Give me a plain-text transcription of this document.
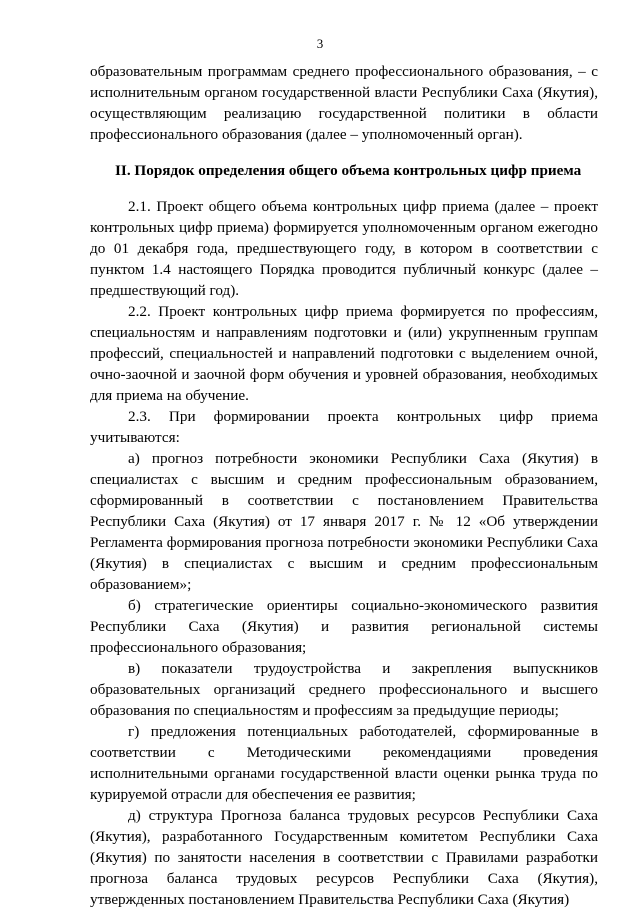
3

образовательным программам среднего профессионального образования, – с исполнительным органом государственной власти Республики Саха (Якутия), осуществляющим реализацию государственной политики в области профессионального образования (далее – уполномоченный орган).

II. Порядок определения общего объема контрольных цифр приема

2.1. Проект общего объема контрольных цифр приема (далее – проект контрольных цифр приема) формируется уполномоченным органом ежегодно до 01 декабря года, предшествующего году, в котором в соответствии с пунктом 1.4 настоящего Порядка проводится публичный конкурс (далее – предшествующий год).

2.2. Проект контрольных цифр приема формируется по профессиям, специальностям и направлениям подготовки и (или) укрупненным группам профессий, специальностей и направлений подготовки с выделением очной, очно-заочной и заочной форм обучения и уровней образования, необходимых для приема на обучение.

2.3. При формировании проекта контрольных цифр приема учитываются:

а) прогноз потребности экономики Республики Саха (Якутия) в специалистах с высшим и средним профессиональным образованием, сформированный в соответствии с постановлением Правительства Республики Саха (Якутия) от 17 января 2017 г. № 12 «Об утверждении Регламента формирования прогноза потребности экономики Республики Саха (Якутия) в специалистах с высшим и средним профессиональным образованием»;

б) стратегические ориентиры социально-экономического развития Республики Саха (Якутия) и развития региональной системы профессионального образования;

в) показатели трудоустройства и закрепления выпускников образовательных организаций среднего профессионального и высшего образования по специальностям и профессиям за предыдущие периоды;

г) предложения потенциальных работодателей, сформированные в соответствии с Методическими рекомендациями проведения исполнительными органами государственной власти оценки рынка труда по курируемой отрасли для обеспечения ее развития;

д) структура Прогноза баланса трудовых ресурсов Республики Саха (Якутия), разработанного Государственным комитетом Республики Саха (Якутия) по занятости населения в соответствии с Правилами разработки прогноза баланса трудовых ресурсов Республики Саха (Якутия), утвержденных постановлением Правительства Республики Саха (Якутия)
